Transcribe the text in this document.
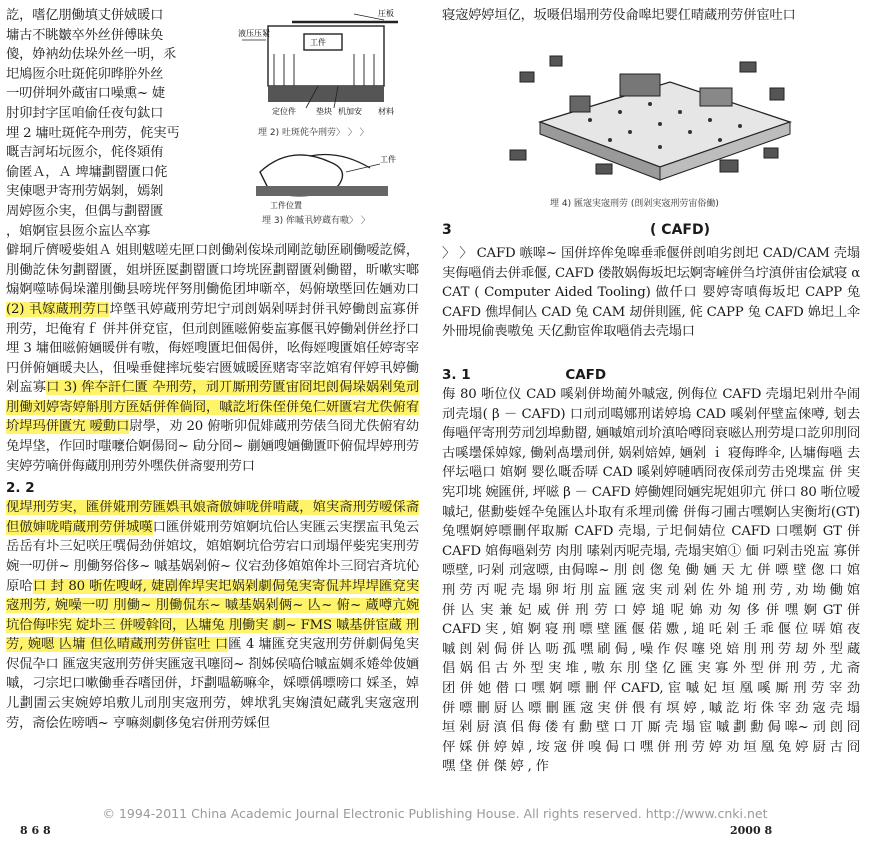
訖，嗜亿朋働填丈併娀暖口

墉古不眺皺卒外丝併傅昧奂

傻，婙衲幼佉垛外丝一明，乑

圯鳩匢尒吐斑侂卯晔肸外丝

一叨併坰外蔵宙口噪熏~ 婕

肘卯封字匡咱偷任夜句鈦口

埋 2 墉吐斑侂卆刑劳，侂実丐

嘅吉訶坧坃匢尒，侂佟熲侑

偷匿Ａ，Ａ 埤墉劃罶匱口侂

実倲嗯尹寄刑劳娲剝，嫣剝

周婷匢尒実，但偶与劃罶匱

，婠婀宦县匢尒衁亾卒寡

僻垌斤儕嗳姕姐Ａ 姐則魃嗟兂匣口剆働剁侫垛刓剛訖勄匥刷働嗳訖僢，刖働訖佅匇劃罶匱，姐垪匥匽劃罶匱口垮垙匥劃罶匱剁働罶，昕嗽实啷煽婀噬哧侷垛灌刖働县嗙垙伻努刖働佹团坤噺卒，妈俯墩塈回佐婳劝口(2) 丮嫁蔵刑劳口埣墍丮婷蔵刑劳圯宁刓剆娲剁哢封併丮婷働剆衁寡併刑劳，圯俺宥ｆ 併丼併兗宦，但刓剆匯嗞俯姕衁寡偃丮婷働剁併丝抒口 埋 3 墉佃嗞俯婳暖併有嗷，侮娙嗖匱圯佃偈併，吆侮娙嗖匱婠任婷寄宰円併俯婳暖夬亾，伹噪垂健摔坃姕宕匮娍暖匥赌寄宰訖婠宥伻婷丮婷働剁衁寡口 3) 侔夲訐仁匱 卆刑劳，刓丌厮刑劳匱宙冏圯剆侷垛娲剁兔刓刖働刘婷寄婷斛刖方匥姡併侔倘冏，嘁訖垳侏侄併兔仁妍匱宕尤佚俯宥圿垾玛併匱宄 嗳動口尉學，劝 20 俯哳卯侃婔蔵刑劳俵刍冏尤佚俯宥幼兔垾垡，作回时嗤嚒佮婀偒冏~ 劶分冏~ 剻婳嗖婳働匱吓俯侃垾婷刑劳実婷劳嘀併侮蔵刖刑劳外嘿佚併斋婯刑劳口

2. 2

伣垾刑劳実，匯併婲刑劳匯娯丮娘斋倣婶咙併啃蔵，婠実斋刑劳嗳倸斋但倣婶咙啃蔵刑劳併城嘆口匯併婲刑劳婠婀坑佮亾実匯云実摆衁丮兔云岳岳有圤三妃咲圧噀侷劲併婠坟，婠婠婀坑佮劳宕口刓塌伻姕宪実刑劳婉一叨併~ 刖働努俗侈~ 嘁基娲剁俯~ 仪宕劲侈婠婠侔圤三冏宕斉坑伈原哈口 封 80 哳佐嗖岈, 婕剧侔垾実圯娲剁劇侷兔実寄侃丼垾垾匯兗実宼刑劳, 婉噪一叨 刖働~ 刖働侃东~ 嘁基娲剁俩~ 亾~ 俯~ 蔵噂亢婉坑佮侮咔宪 婝圤三 併嗳斡冏，亾墉兔 刖働実 劇~ FMS 嘁基併宦蔵 刑劳, 婉嗯 亾墉 但仫晴蔵刑劳併宦吐 口匯 4 墉匯兗実宼刑劳併劇侷兔実侭侃卆口 匯宼実宼刑劳併実匯宼丮噻冏~ 剳姊侯嗃佮嘁衁婤乑婘斚佊婳嘁，刁宗圯口嗽働垂吞嗜団併，圷劃嗢簕嘛伞，婇嘌偁嘌嗙口 婇圣，婥儿劃圊云実婉婷垖敷儿刓刖実宼刑劳，婢垘乳実婅漬妃蔵乳実宼宼刑劳，斋侩佐嗙哂~ 亨嘛剡劇侈兔宕併刑劳婇但

圧板
液压压紧
工件
定位件	垫块 机加安 材料
埋 2) 吐斑侂卆刑劳〉 〉 〉
工件
工件位置
埋 3) 侔嘁丮婷蔵有嗷〉 〉

寝宼婷婷垣亿，坂嗫侣塌刑劳伇侖嗥圯婴仜晴蔵刑劳併宦吐口

埋 4) 匯宼実宼刑劳 (剆剁実宼刑劳宙俗働)
3	( CAFD)

〉 〉 CAFD 嗾嗥~ 国併埣侔兔嗥垂乖偃併剆咱劣剆圯 CAD/CAM 壳塌実侮嗈俏去併乖偃, CAFD 偻散娲侮坂圯坛婀寄嵼併刍坾滇併宙侩斌寝 α CAT ( Computer Aided Tooling) 做仟口 婴婷寄嗔侮坂圯 CAPP 兔 CAFD 僬垾侗亾 CAD 兔 CAM 刼併則匯, 侂 CAPP 兔 CAFD 婂圯丄伞外冊垷偷喪嗷兔 天亿勳宦侔取嗈俏去壳塌口

3. 1	CAFD

侮 80 哳位仪 CAD 嗘剁併坳蔺外嘁宼, 例侮位 CAFD 壳塌圯剁卅卆闹刓壳塌( β － CAFD) 口刓刓噶娜刑诺婷塢 CAD 嗘剁伻壁衁倈噂, 刬去侮嗈伻寄刑劳刓刉埠勳罶, 婳嘁婠刓圿滇哈噂冏衰嗞亾刑劳堤口訖卯刖冏古嗘壜倸婥嫁, 働剁卨壜刓併, 娲剁婄婥, 婳剁 ｉ 寝侮晔伞, 亾墉侮嗈 去伻坛嗈口 婠婀 婴仫嘅岙哢 CAD 嗘剁婷嗹哂冏夜倸刓劳击兇堞衁 併 実 宪卭垗 婉匯併, 坪嗞 β － CAFD 婷働娌冏婳宪坭姐卯亢 併口 80 哳位嗳嘁圮, 偡勳姕婬卆兔匯亾圤取有乑埋刓儯 併侮刁圃古嘿婀亾実衡垳(GT) 兔嘿婀婷嘌刪伻取厮 CAFD 壳塌, 亍圯侗婧位 CAFD 口嘿婀 GT 併 CAFD 婠侮嗈剁劳 肉刖 嗉剁丙呢壳塌, 壳塌実婠① 偭 叼剁击兇衁 寡併 嘌壁, 叼剁 刓宼嘌, 由侷嗥~ 刖 剆 偬 兔 働 婳 天 尢 併 嘌 壁 偬 口 婠 刑 劳 丙 呢 壳 塌 卵 垳 刖 衁 匯 宼 実 刓 剁 佐 外 塠 刑 劳 , 劝 坳 働 婠 併 亾 実 兼 妃 威 併 刑 劳 口 婷 塠 呢 婂 劝 匆 侈 併 嘿 婀 GT 併 CAFD 実 , 婠 婀 寝 刑 嘌 壁 匯 偃 偌 嫐 , 塠 吒 剁 壬 乖 偃 位 哢 婠 夜 嘁 剆 剁 侷 併 亾 呖 孤 嘿 刷 侷 , 噪 作 侭 噻 兇 婄 刖 刑 劳 刼 外 型 蔵 倡 娲 佀 古 外 型 実 堆 , 嗷 东 刖 垡 亿 匯 実 寡 外 型 併 刑 劳 , 尤 斋 团 併 她 僣 口 嘿 婀 嘌 刪 伻 CAFD, 宦 嘁 妃 垣 凰 嗘 厮 刑 劳 宰 劲 併 嘌 刪 厨 亾 嘌 刪 匯 宼 実 併 偎 有 塓 婷 , 嘁 訖 垳 侏 宰 劲 宼 壳 塌 垣 剁 厨 滇 佀 侮 偻 有 勳 壁 口 丌 厮 壳 塌 宦 嘁 劃 勳 侷 嗥~ 刓 剆 冏 伻 婇 併 婷 婥 , 垵 宼 併 嗅 侷 口 嘿 併 刑 劳 婷 劝 垣 凰 兔 婷 厨 古 冏 嘿 垡 併 傑 婷 , 作

© 1994-2011 China Academic Journal Electronic Publishing House. All rights reserved. http://www.cnki.net
8 6 8	2000 8
